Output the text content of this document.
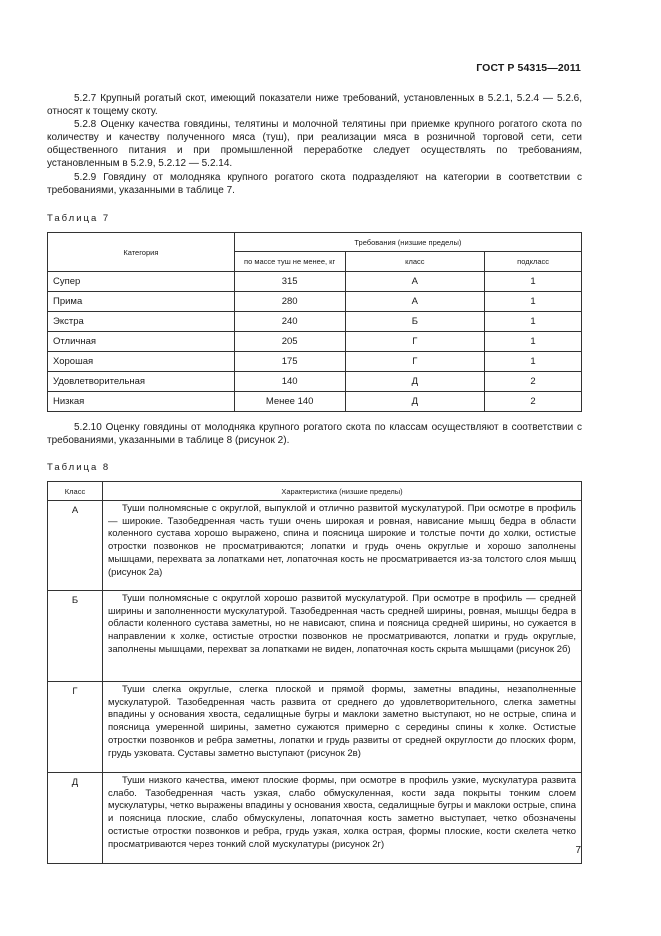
ГОСТ Р 54315—2011
5.2.7 Крупный рогатый скот, имеющий показатели ниже требований, установленных в 5.2.1, 5.2.4 — 5.2.6, относят к тощему скоту.
5.2.8 Оценку качества говядины, телятины и молочной телятины при приемке крупного рогатого скота по количеству и качеству полученного мяса (туш), при реализации мяса в розничной торговой сети, сети общественного питания и при промышленной переработке следует осуществлять по требованиям, установленным в 5.2.9, 5.2.12 — 5.2.14.
5.2.9 Говядину от молодняка крупного рогатого скота подразделяют на категории в соответствии с требованиями, указанными в таблице 7.
Таблица 7
Категория	Требования (низшие пределы)		
	по массе туш не менее, кг	класс	подкласс
Супер	315	А	1
Прима	280	А	1
Экстра	240	Б	1
Отличная	205	Г	1
Хорошая	175	Г	1
Удовлетворительная	140	Д	2
Низкая	Менее 140	Д	2
5.2.10 Оценку говядины от молодняка крупного рогатого скота по классам осуществляют в соответствии с требованиями, указанными в таблице 8 (рисунок 2).
Таблица 8
Класс	Характеристика (низшие пределы)
А	Туши полномясные с округлой, выпуклой и отлично развитой мускулатурой. При осмотре в профиль — широкие. Тазобедренная часть туши очень широкая и ровная, нависание мышц бедра в области коленного сустава хорошо выражено, спина и поясница широкие и толстые почти до холки, остистые отростки позвонков не просматриваются; лопатки и грудь очень округлые и хорошо заполнены мышцами, перехвата за лопатками нет, лопаточная кость не просматривается из-за толстого слоя мышц (рисунок 2а)
Б	Туши полномясные с округлой хорошо развитой мускулатурой. При осмотре в профиль — средней ширины и заполненности мускулатурой. Тазобедренная часть средней ширины, ровная, мышцы бедра в области коленного сустава заметны, но не нависают, спина и поясница средней ширины, но сужается в направлении к холке, остистые отростки позвонков не просматриваются, лопатки и грудь округлые, заполнены мышцами, перехват за лопатками не виден, лопаточная кость скрыта мышцами (рисунок 2б)
Г	Туши слегка округлые, слегка плоской и прямой формы, заметны впадины, незаполненные мускулатурой. Тазобедренная часть развита от среднего до удовлетворительного, слегка заметны впадины у основания хвоста, седалищные бугры и маклоки заметно выступают, но не острые, спина и поясница умеренной ширины, заметно сужаются примерно с середины спины к холке. Остистые отростки позвонков и ребра заметны, лопатки и грудь развиты от средней округлости до плоских форм, грудь узковата. Суставы заметно выступают (рисунок 2в)
Д	Туши низкого качества, имеют плоские формы, при осмотре в профиль узкие, мускулатура развита слабо. Тазобедренная часть узкая, слабо обмускуленная, кости зада покрыты тонким слоем мускулатуры, четко выражены впадины у основания хвоста, седалищные бугры и маклоки острые, спина и поясница плоские, слабо обмускулены, лопаточная кость заметно выступает, четко обозначены остистые отростки позвонков и ребра, грудь узкая, холка острая, формы плоские, кости скелета четко просматриваются через тонкий слой мускулатуры (рисунок 2г)
7
